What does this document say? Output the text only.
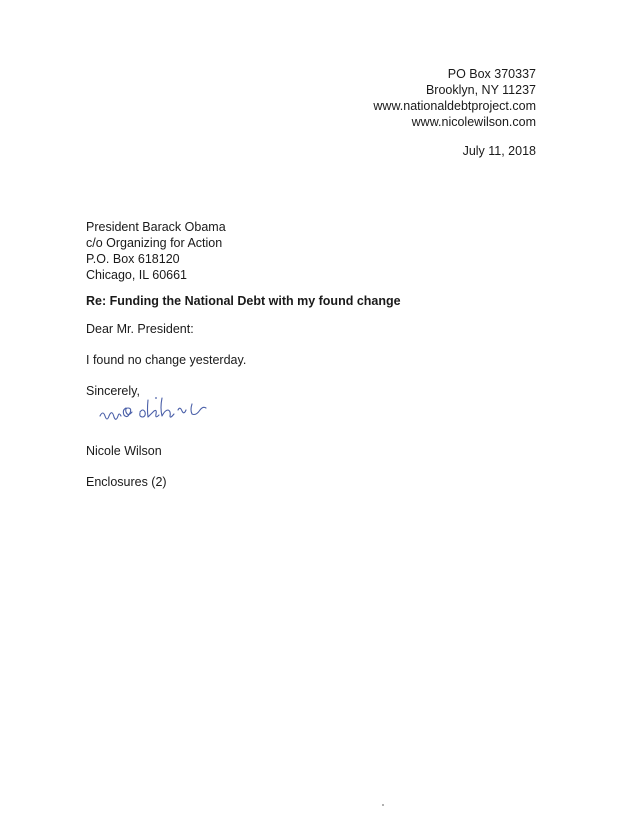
PO Box 370337
Brooklyn, NY 11237
www.nationaldebtproject.com
www.nicolewilson.com
July 11, 2018
President Barack Obama
c/o Organizing for Action
P.O. Box 618120
Chicago, IL 60661
Re: Funding the National Debt with my found change
Dear Mr. President:
I found no change yesterday.
Sincerely,
Nicole Wilson
Enclosures (2)
